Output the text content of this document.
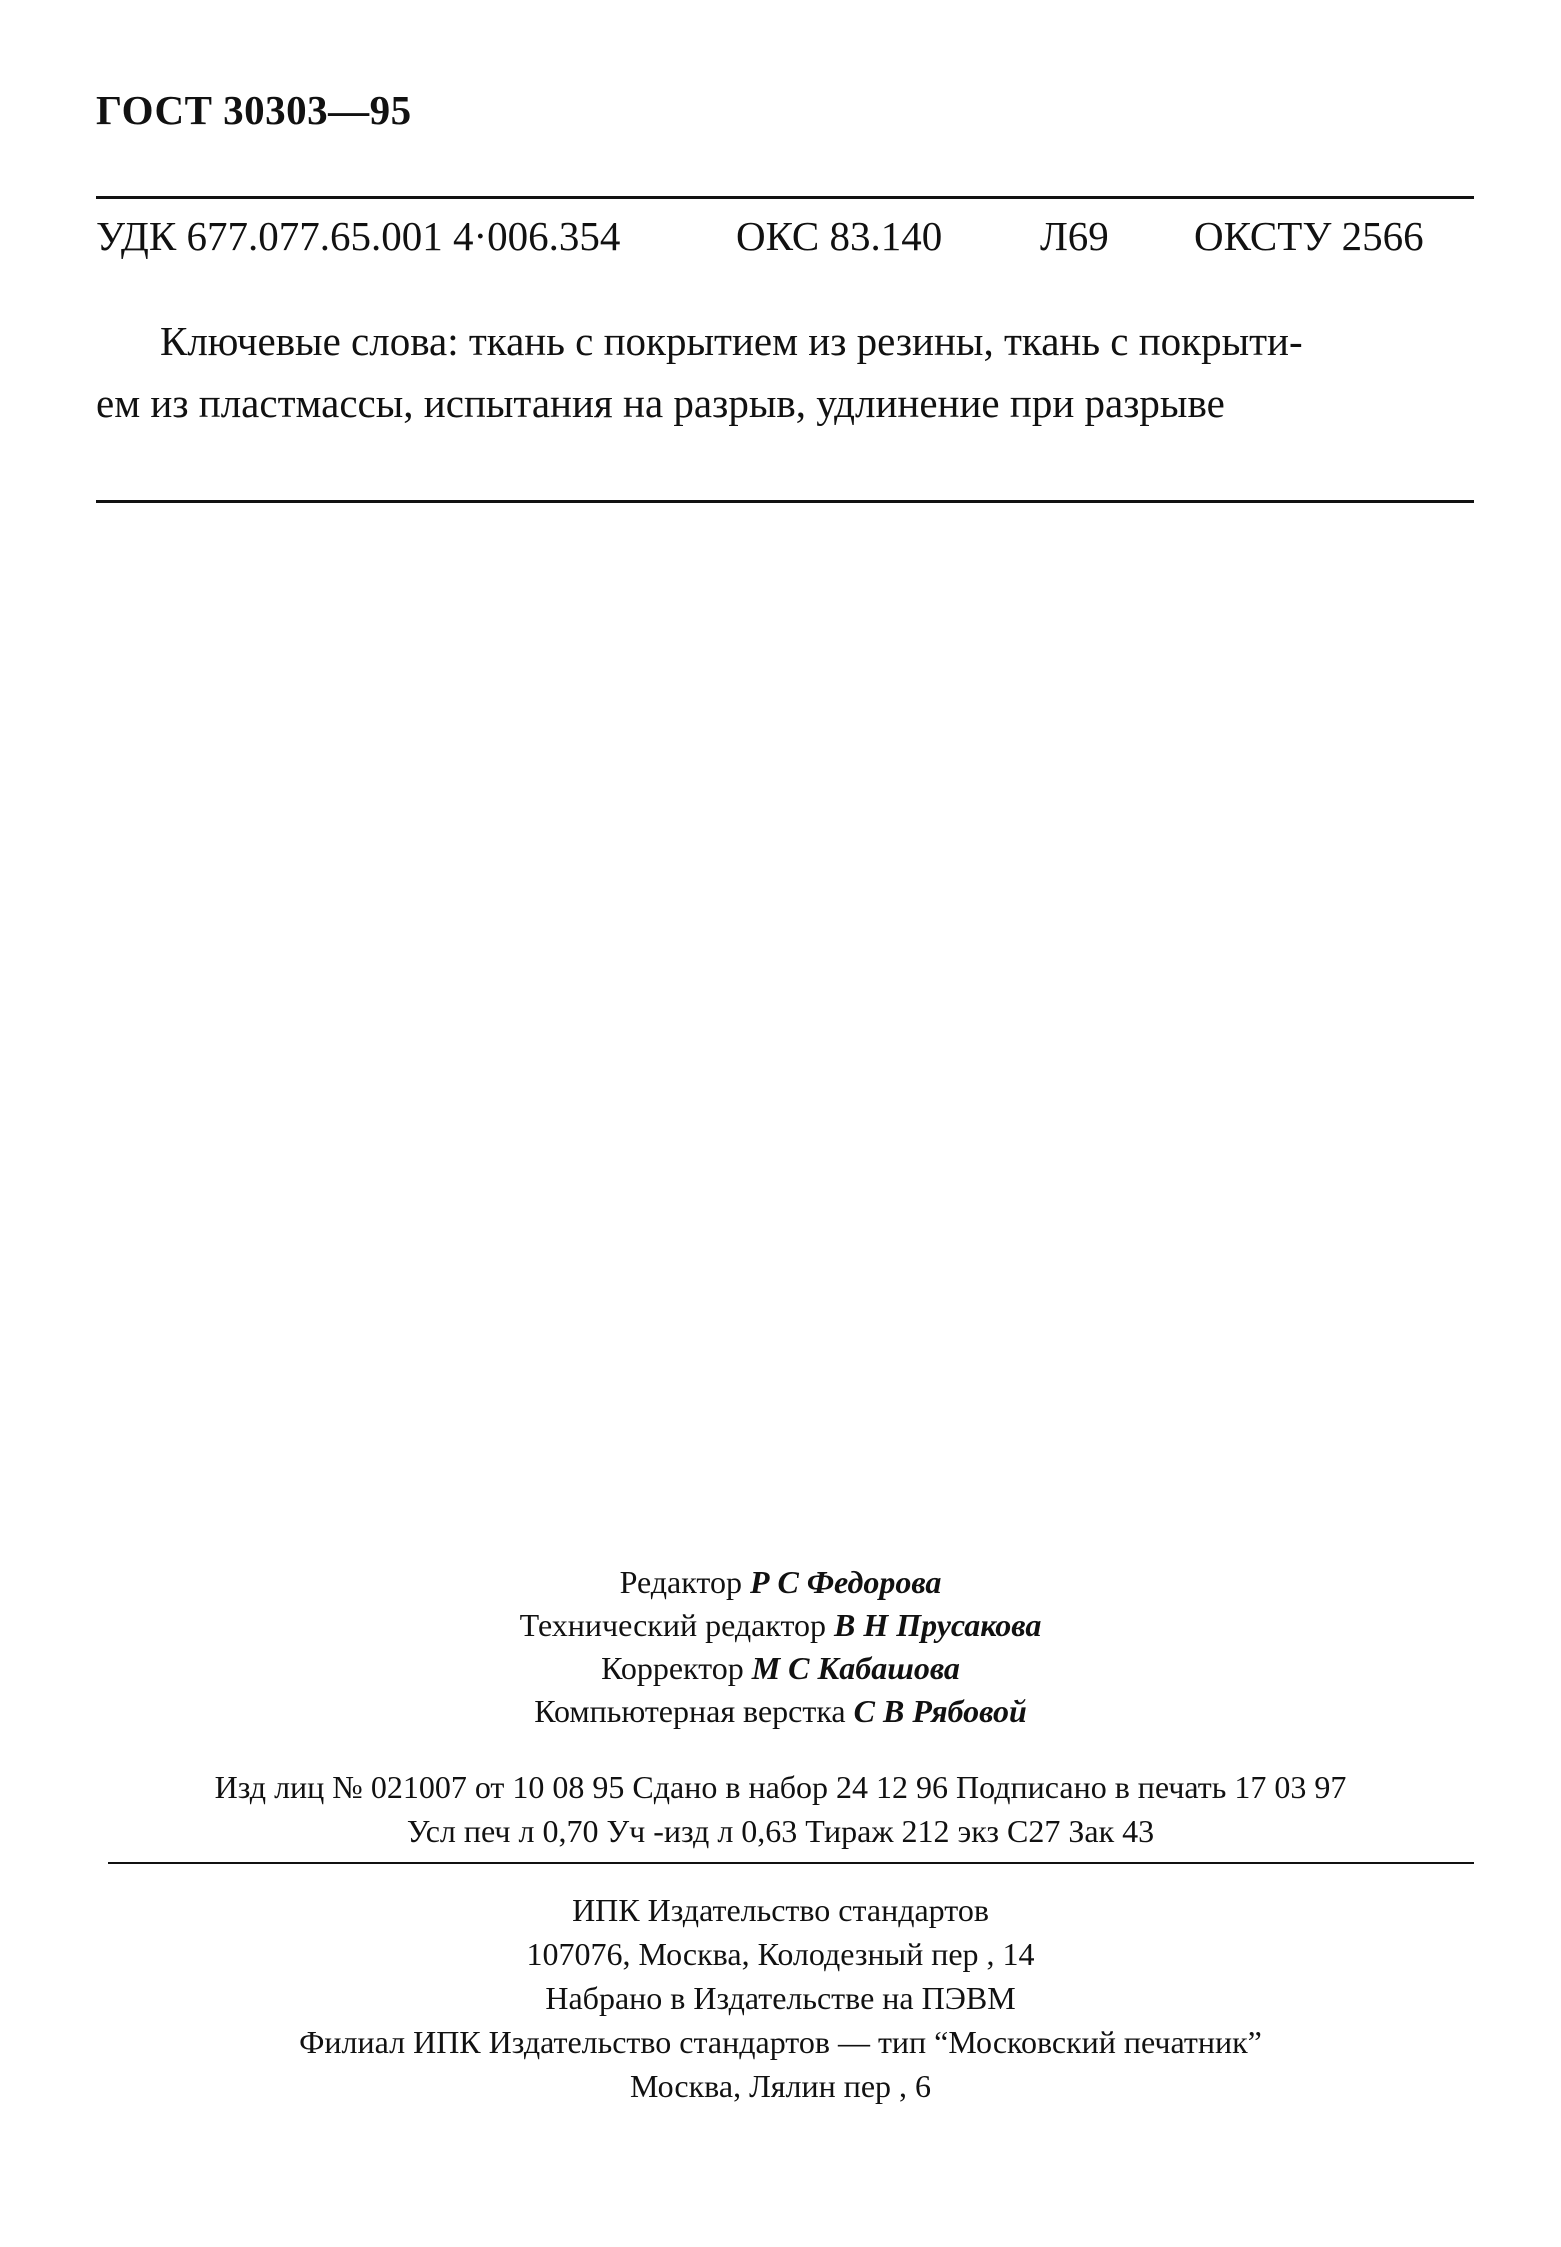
ГОСТ 30303—95
УДК 677.077.65.001 4·006.354	ОКС 83.140 Л69 ОКСТУ 2566
Ключевые слова: ткань с покрытием из резины, ткань с покрыти-
ем из пластмассы, испытания на разрыв, удлинение при разрыве
Редактор Р С Федорова
Технический редактор В Н Прусакова
Корректор М С Кабашова
Компьютерная верстка С В Рябовой
Изд лиц № 021007 от 10 08 95 Сдано в набор 24 12 96 Подписано в печать 17 03 97
Усл печ л 0,70 Уч -изд л 0,63 Тираж 212 экз С27 Зак 43
ИПК Издательство стандартов
107076, Москва, Колодезный пер , 14
Набрано в Издательстве на ПЭВМ
Филиал ИПК Издательство стандартов — тип “Московский печатник”
Москва, Лялин пер , 6
